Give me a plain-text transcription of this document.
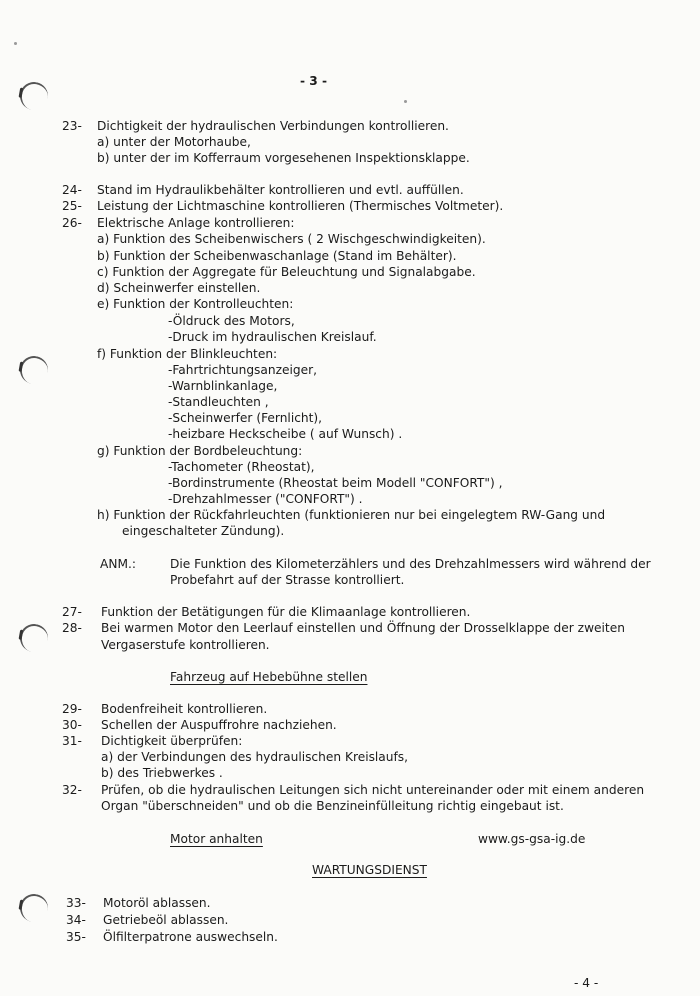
- 3 -
23- Dichtigkeit der hydraulischen Verbindungen kontrollieren.
a) unter der Motorhaube,
b) unter der im Kofferraum vorgesehenen Inspektionsklappe.
24- Stand im Hydraulikbehälter kontrollieren und evtl. auffüllen.
25- Leistung der Lichtmaschine kontrollieren (Thermisches Voltmeter).
26- Elektrische Anlage kontrollieren:
a) Funktion des Scheibenwischers ( 2 Wischgeschwindigkeiten).
b) Funktion der Scheibenwaschanlage (Stand im Behälter).
c) Funktion der Aggregate für Beleuchtung und Signalabgabe.
d) Scheinwerfer einstellen.
e) Funktion der Kontrolleuchten:
-Öldruck des Motors,
-Druck im hydraulischen Kreislauf.
f) Funktion der Blinkleuchten:
-Fahrtrichtungsanzeiger,
-Warnblinkanlage,
-Standleuchten ,
-Scheinwerfer (Fernlicht),
-heizbare Heckscheibe ( auf Wunsch) .
g) Funktion der Bordbeleuchtung:
-Tachometer (Rheostat),
-Bordinstrumente (Rheostat beim Modell "CONFORT") ,
-Drehzahlmesser ("CONFORT") .
h) Funktion der Rückfahrleuchten (funktionieren nur bei eingelegtem RW-Gang und
eingeschalteter Zündung).
ANM.:	Die Funktion des Kilometerzählers und des Drehzahlmessers wird während der
Probefahrt auf der Strasse kontrolliert.
27- Funktion der Betätigungen für die Klimaanlage kontrollieren.
28- Bei warmen Motor den Leerlauf einstellen und Öffnung der Drosselklappe der zweiten
Vergaserstufe kontrollieren.
Fahrzeug auf Hebebühne stellen
29- Bodenfreiheit kontrollieren.
30- Schellen der Auspuffrohre nachziehen.
31- Dichtigkeit überprüfen:
a) der Verbindungen des hydraulischen Kreislaufs,
b) des Triebwerkes .
32- Prüfen, ob die hydraulischen Leitungen sich nicht untereinander oder mit einem anderen
Organ "überschneiden" und ob die Benzineinfülleitung richtig eingebaut ist.
Motor anhalten	www.gs-gsa-ig.de
WARTUNGSDIENST
33- Motoröl ablassen.
34- Getriebeöl ablassen.
35- Ölfilterpatrone auswechseln.
- 4 -
